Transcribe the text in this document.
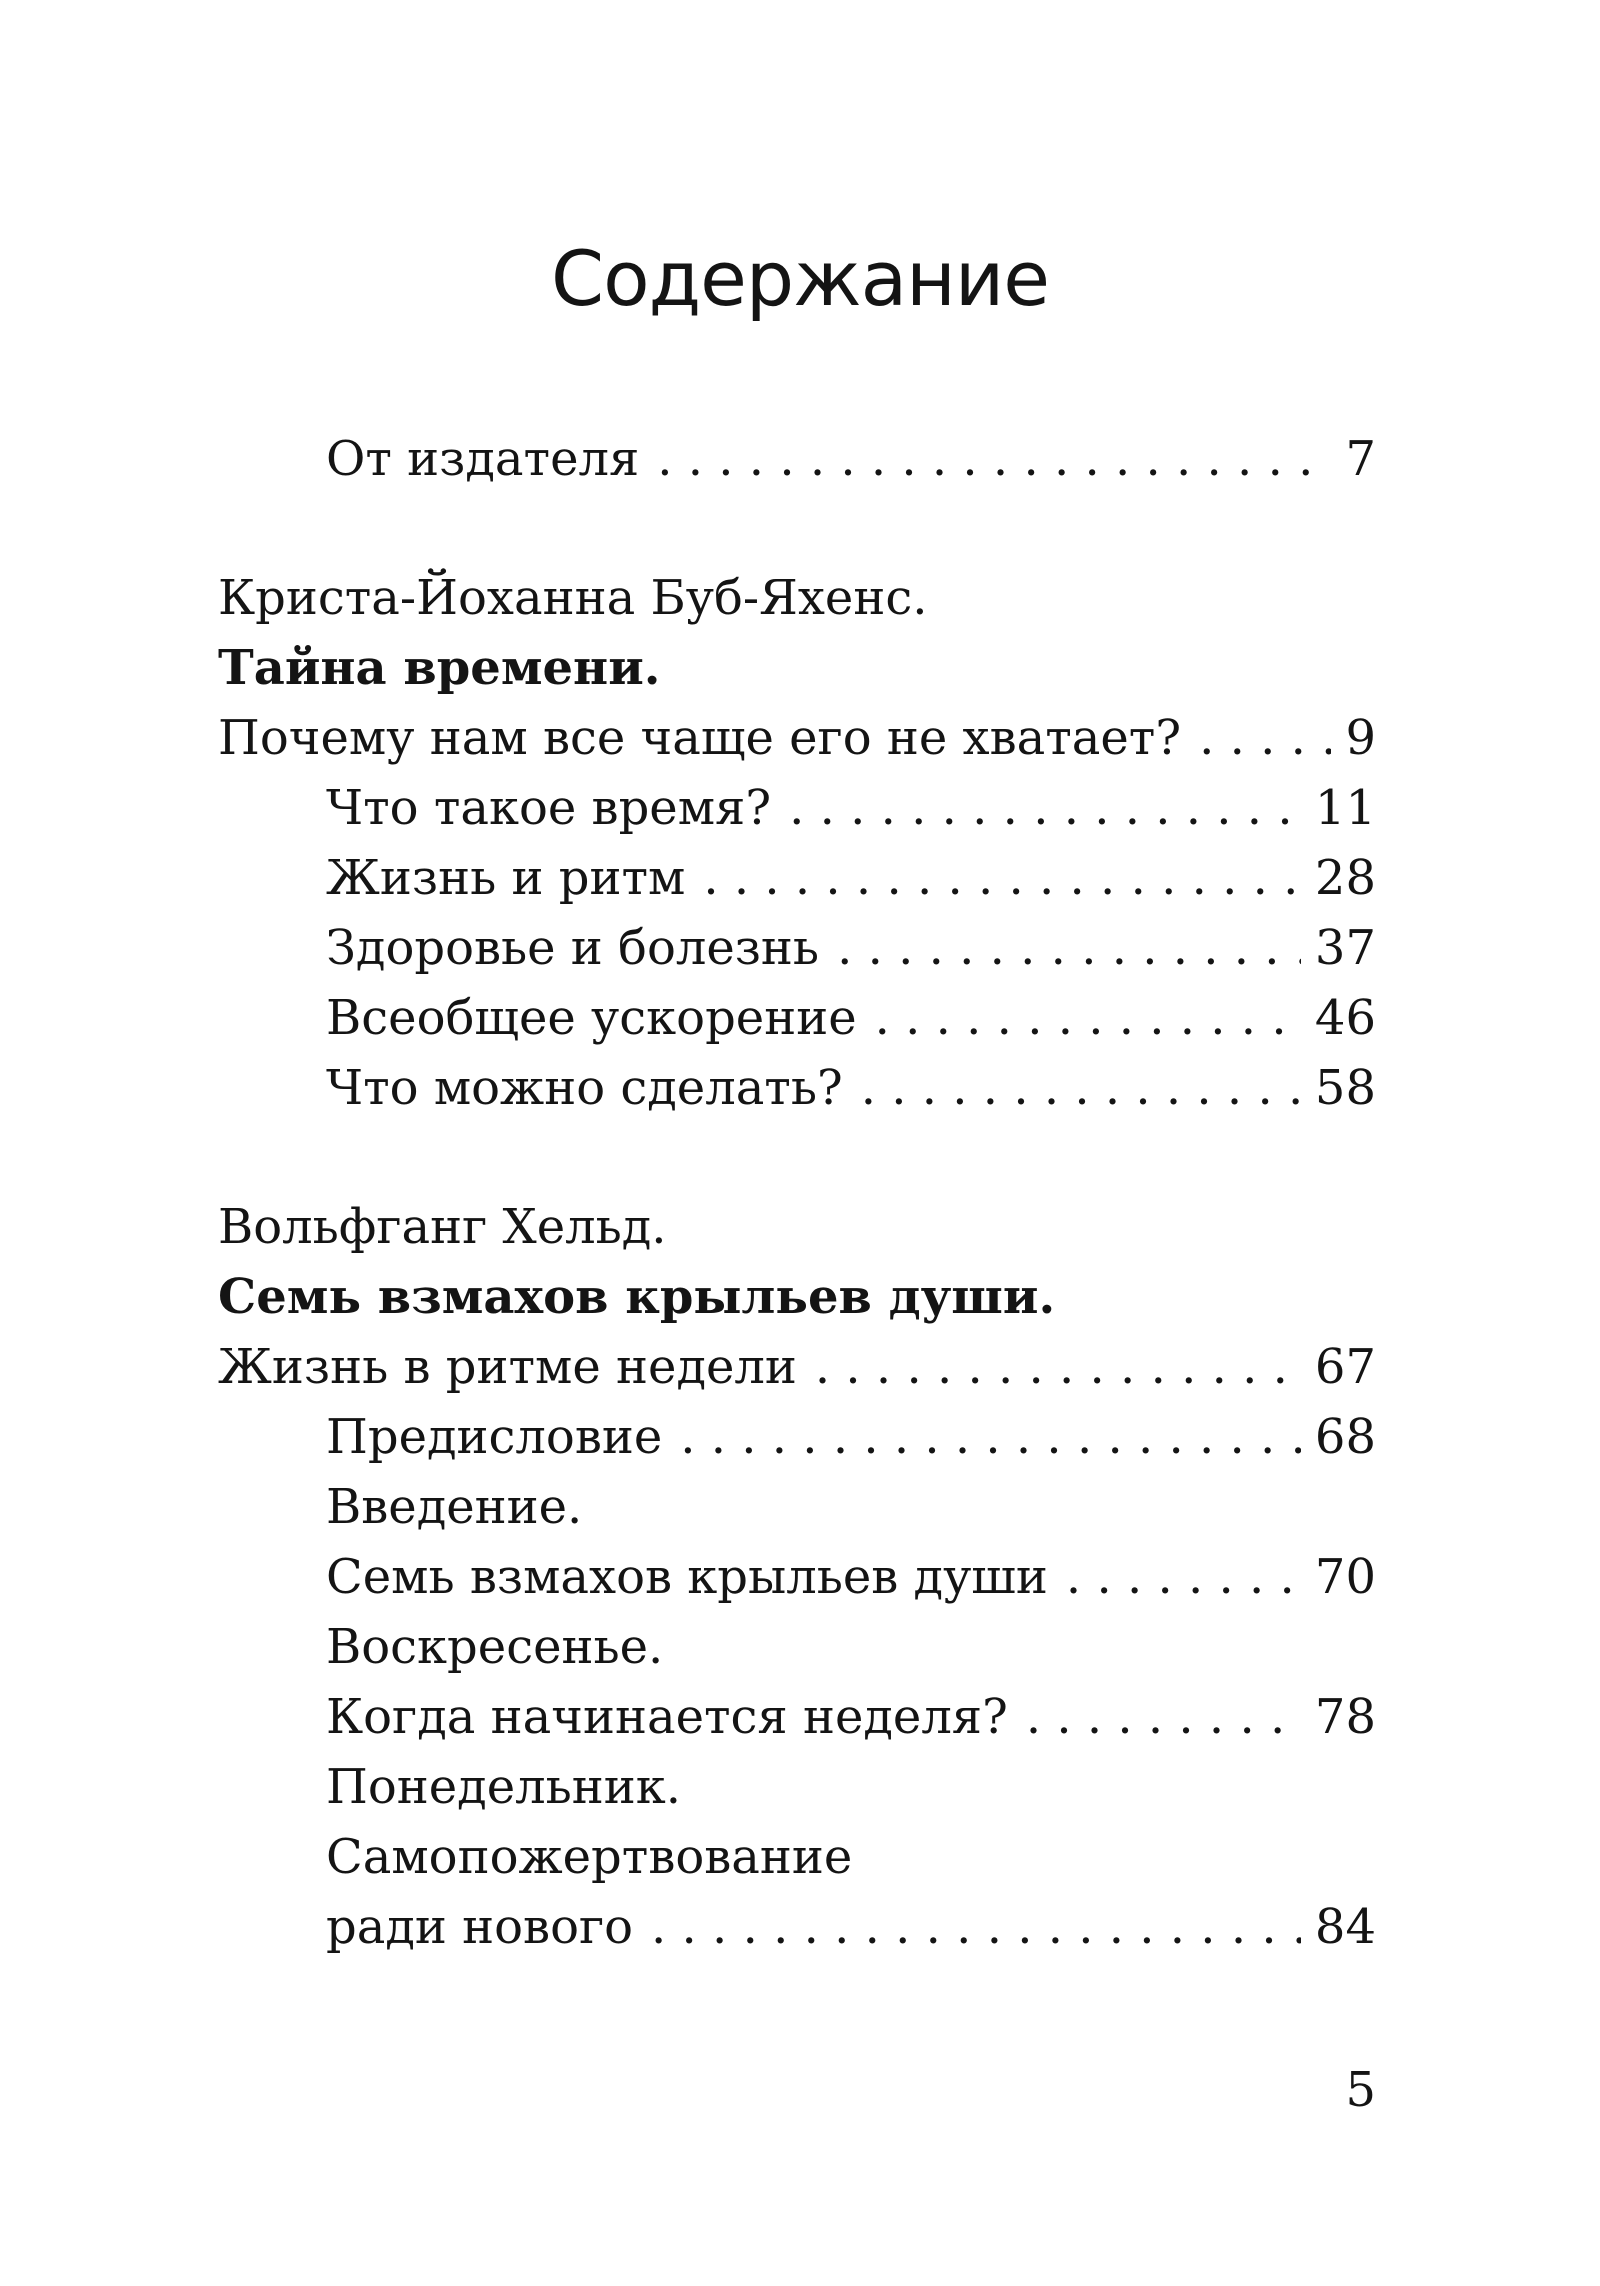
Содержание
От издателя . . .	7
Криста-Йоханна Буб-Яхенс.
Тайна времени.
Почему нам все чаще его не хватает? . . .	9
Что такое время? . . .	11
Жизнь и ритм . . .	28
Здоровье и болезнь . . .	37
Всеобщее ускорение . . .	46
Что можно сделать? . . .	58
Вольфганг Хельд.
Семь взмахов крыльев души.
Жизнь в ритме недели . . .	67
Предисловие . . .	68
Введение.
Семь взмахов крыльев души . . .	70
Воскресенье.
Когда начинается неделя? . . .	78
Понедельник.
Самопожертвование
ради нового . . .	84
5
